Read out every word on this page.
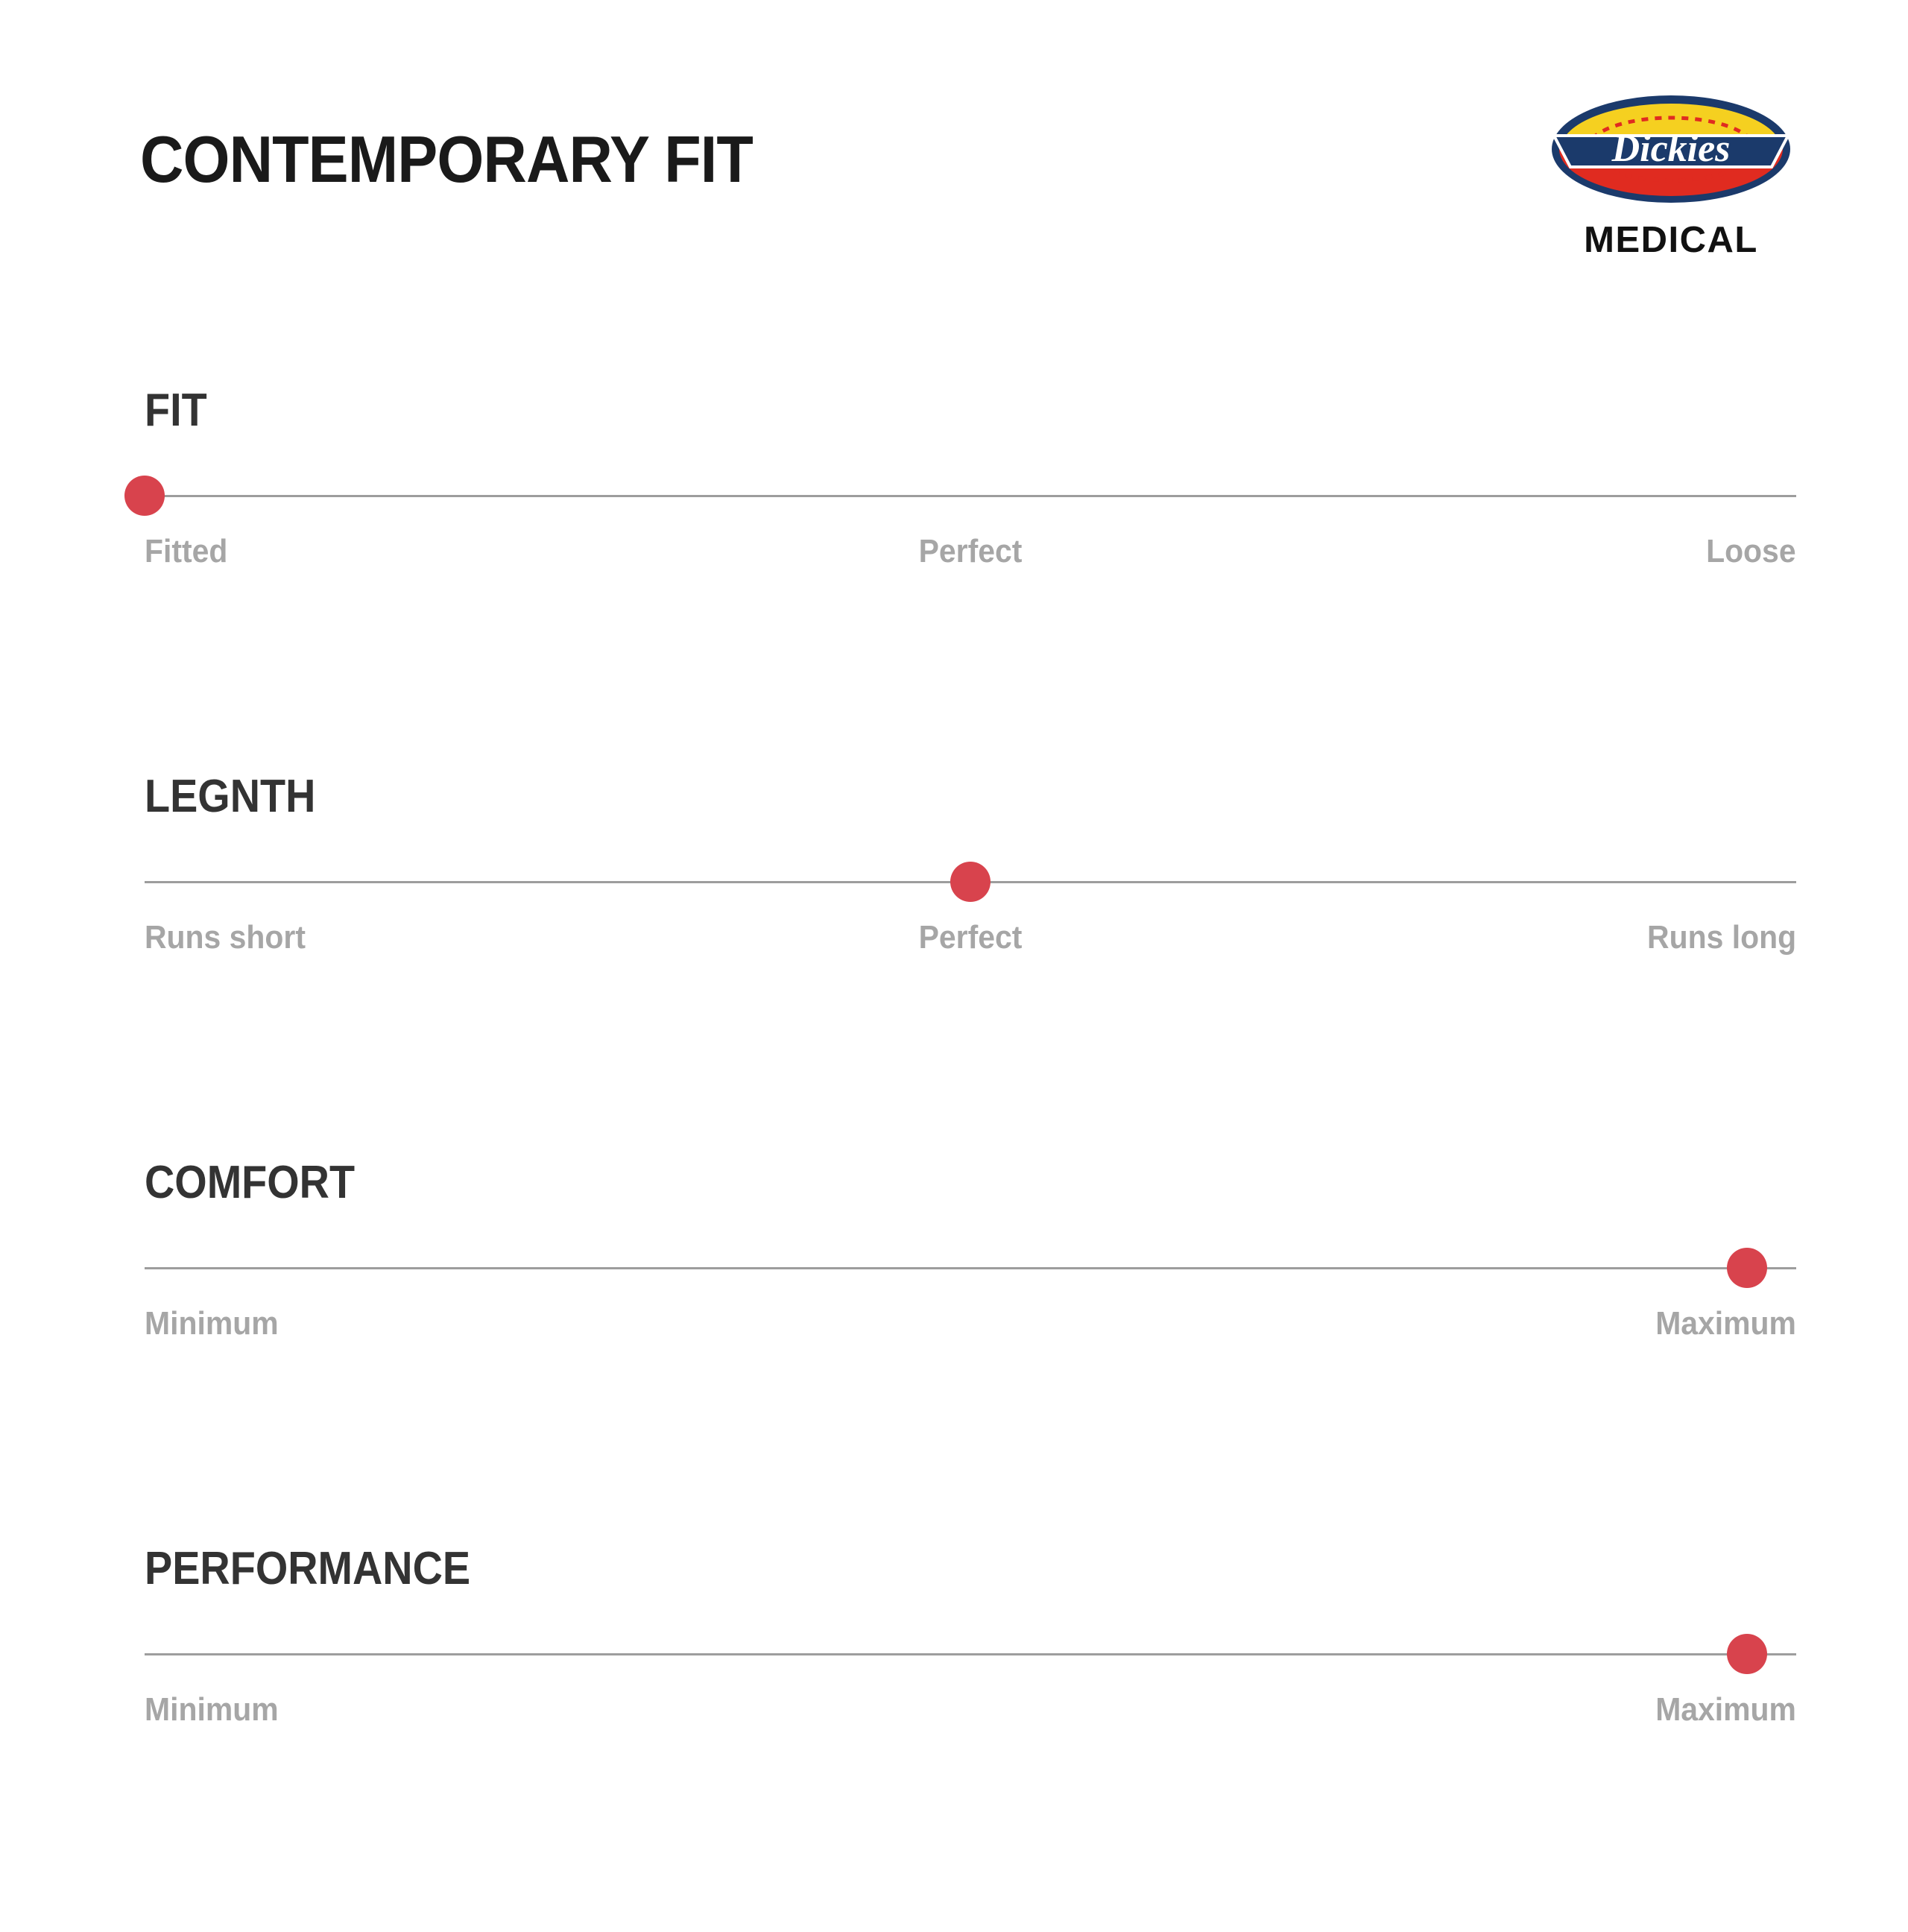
CONTEMPORARY FIT	Dickies
MEDICAL
FIT
Fitted	Perfect	Loose
LEGNTH
Runs short	Perfect	Runs long
COMFORT
Minimum	Maximum
PERFORMANCE
Minimum	Maximum
